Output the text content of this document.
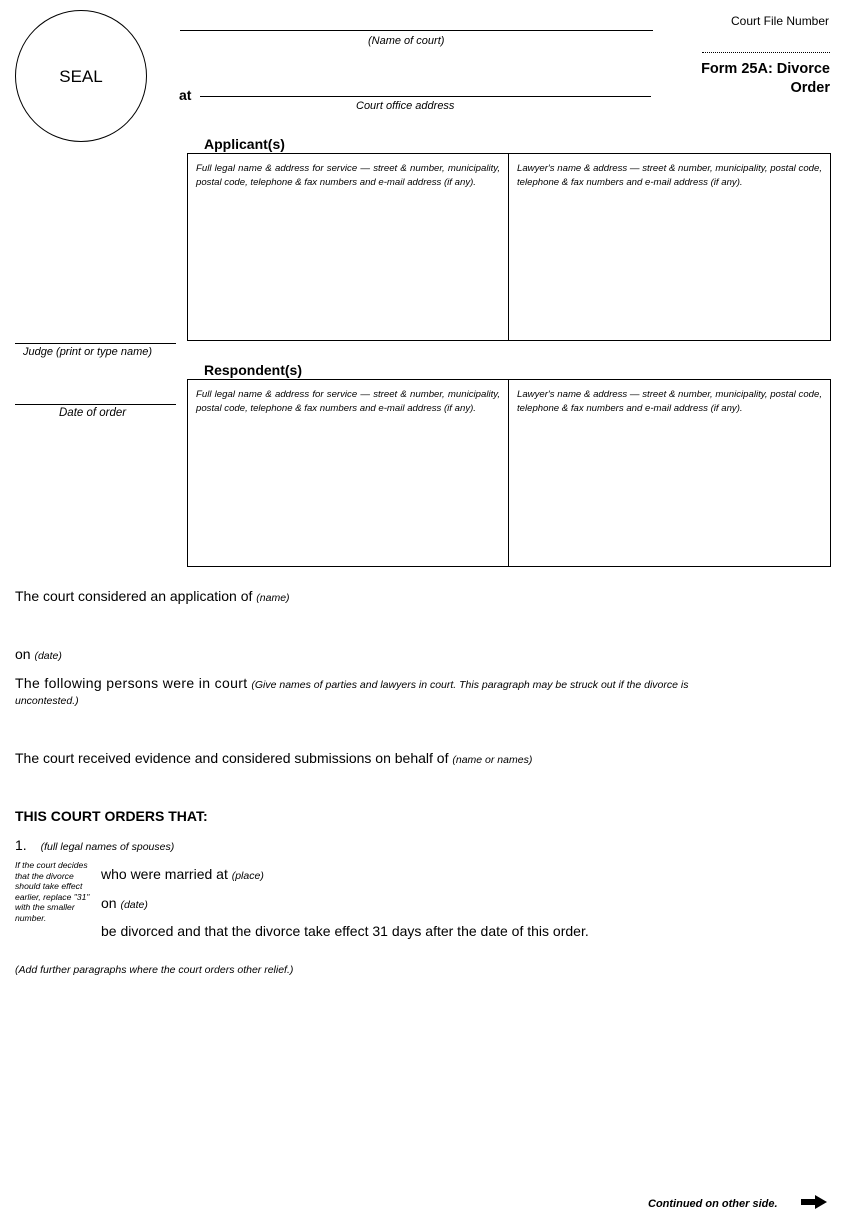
SEAL
(Name of court)
at
Court office address
Court File Number
Form 25A: Divorce
Order
Applicant(s)
Full legal name & address for service — street & number, municipality, postal code, telephone & fax numbers and e-mail address (if any).
Lawyer's name & address — street & number, municipality, postal code, telephone & fax numbers and e-mail address (if any).
Judge (print or type name)
Date of order
Respondent(s)
Full legal name & address for service — street & number, municipality, postal code, telephone & fax numbers and e-mail address (if any).
Lawyer's name & address — street & number, municipality, postal code, telephone & fax numbers and e-mail address (if any).
The court considered an application of (name)
on (date)
The following persons were in court (Give names of parties and lawyers in court. This paragraph may be struck out if the divorce is
uncontested.)
The court received evidence and considered submissions on behalf of (name or names)
THIS COURT ORDERS THAT:
1. (full legal names of spouses)
If the court decides that the divorce should take effect earlier, replace "31" with the smaller number.
who were married at (place)
on (date)
be divorced and that the divorce take effect 31 days after the date of this order.
(Add further paragraphs where the court orders other relief.)
Continued on other side.
